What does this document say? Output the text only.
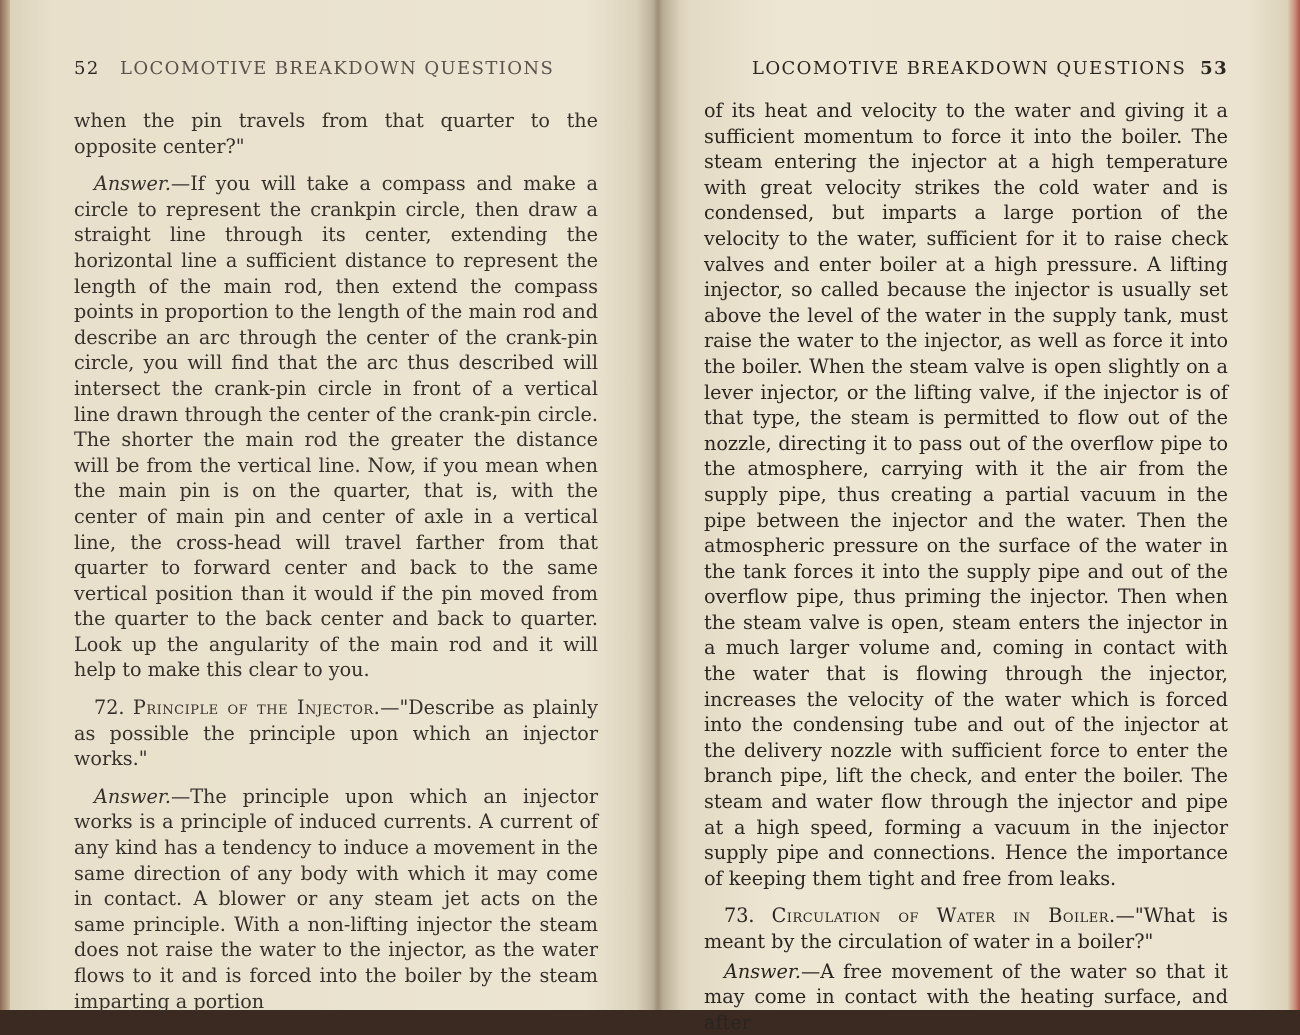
52 LOCOMOTIVE BREAKDOWN QUESTIONS

when the pin travels from that quarter to the opposite center?"

Answer.—If you will take a compass and make a circle to represent the crankpin circle, then draw a straight line through its center, extending the horizontal line a sufficient distance to represent the length of the main rod, then extend the compass points in proportion to the length of the main rod and describe an arc through the center of the crank-pin circle, you will find that the arc thus described will intersect the crank-pin circle in front of a vertical line drawn through the center of the crank-pin circle. The shorter the main rod the greater the distance will be from the vertical line. Now, if you mean when the main pin is on the quarter, that is, with the center of main pin and center of axle in a vertical line, the cross-head will travel farther from that quarter to forward center and back to the same vertical position than it would if the pin moved from the quarter to the back center and back to quarter. Look up the angularity of the main rod and it will help to make this clear to you.

72. Principle of the Injector.—"Describe as plainly as possible the principle upon which an injector works."

Answer.—The principle upon which an injector works is a principle of induced currents. A current of any kind has a tendency to induce a movement in the same direction of any body with which it may come in contact. A blower or any steam jet acts on the same principle. With a non-lifting injector the steam does not raise the water to the injector, as the water flows to it and is forced into the boiler by the steam imparting a portion

LOCOMOTIVE BREAKDOWN QUESTIONS 53

of its heat and velocity to the water and giving it a sufficient momentum to force it into the boiler. The steam entering the injector at a high temperature with great velocity strikes the cold water and is condensed, but imparts a large portion of the velocity to the water, sufficient for it to raise check valves and enter boiler at a high pressure. A lifting injector, so called because the injector is usually set above the level of the water in the supply tank, must raise the water to the injector, as well as force it into the boiler. When the steam valve is open slightly on a lever injector, or the lifting valve, if the injector is of that type, the steam is permitted to flow out of the nozzle, directing it to pass out of the overflow pipe to the atmosphere, carrying with it the air from the supply pipe, thus creating a partial vacuum in the pipe between the injector and the water. Then the atmospheric pressure on the surface of the water in the tank forces it into the supply pipe and out of the overflow pipe, thus priming the injector. Then when the steam valve is open, steam enters the injector in a much larger volume and, coming in contact with the water that is flowing through the injector, increases the velocity of the water which is forced into the condensing tube and out of the injector at the delivery nozzle with sufficient force to enter the branch pipe, lift the check, and enter the boiler. The steam and water flow through the injector and pipe at a high speed, forming a vacuum in the injector supply pipe and connections. Hence the importance of keeping them tight and free from leaks.

73. Circulation of Water in Boiler.—"What is meant by the circulation of water in a boiler?"

Answer.—A free movement of the water so that it may come in contact with the heating surface, and after
